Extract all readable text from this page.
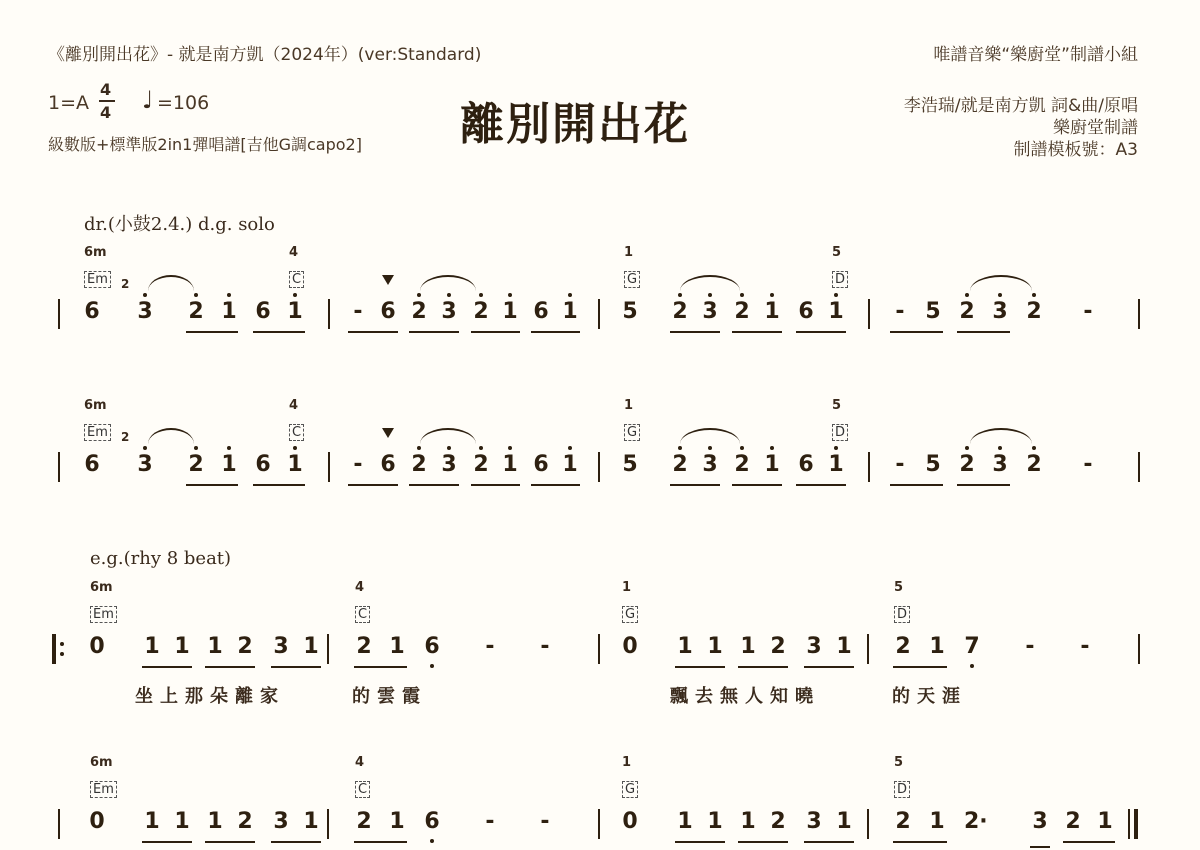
《離別開出花》- 就是南方凱（2024年）(ver:Standard)	唯譜音樂“樂廚堂”制譜小組
1=A
4
4 ♩ =106
級數版+標準版2in1彈唱譜[吉他G調capo2] 離別開出花	李浩瑞/就是南方凱 詞&曲/原唱
樂廚堂制譜
制譜模板號：A3
dr.(小鼓2.4.) d.g. solo
6m
Em
4
C
1
G
5
D
6
2
3 2 1 6 1 - 6 2 3 2 1 6 1 5 2 3 2 1 6 1 - 5 2 3 2 -
6m
Em
4
C
1
G
5
D
6
2
3 2 1 6 1 - 6 2 3 2 1 6 1 5 2 3 2 1 6 1 - 5 2 3 2 -
e.g.(rhy 8 beat)
6m
Em
4
C
1
G
5
D
0 1 1 1 2 3 1 2 1 6 - -	0 1 1 1 2 3 1 2 1 7 - -
坐上那朵離家	的雲霞	飄去無人知曉	的天涯
6m
Em
4
C
1
G
5
D
0 1 1 1 2 3 1 2 1 6 - -	0 1 1 1 2 3 1 2 1 2· 3 2 1
